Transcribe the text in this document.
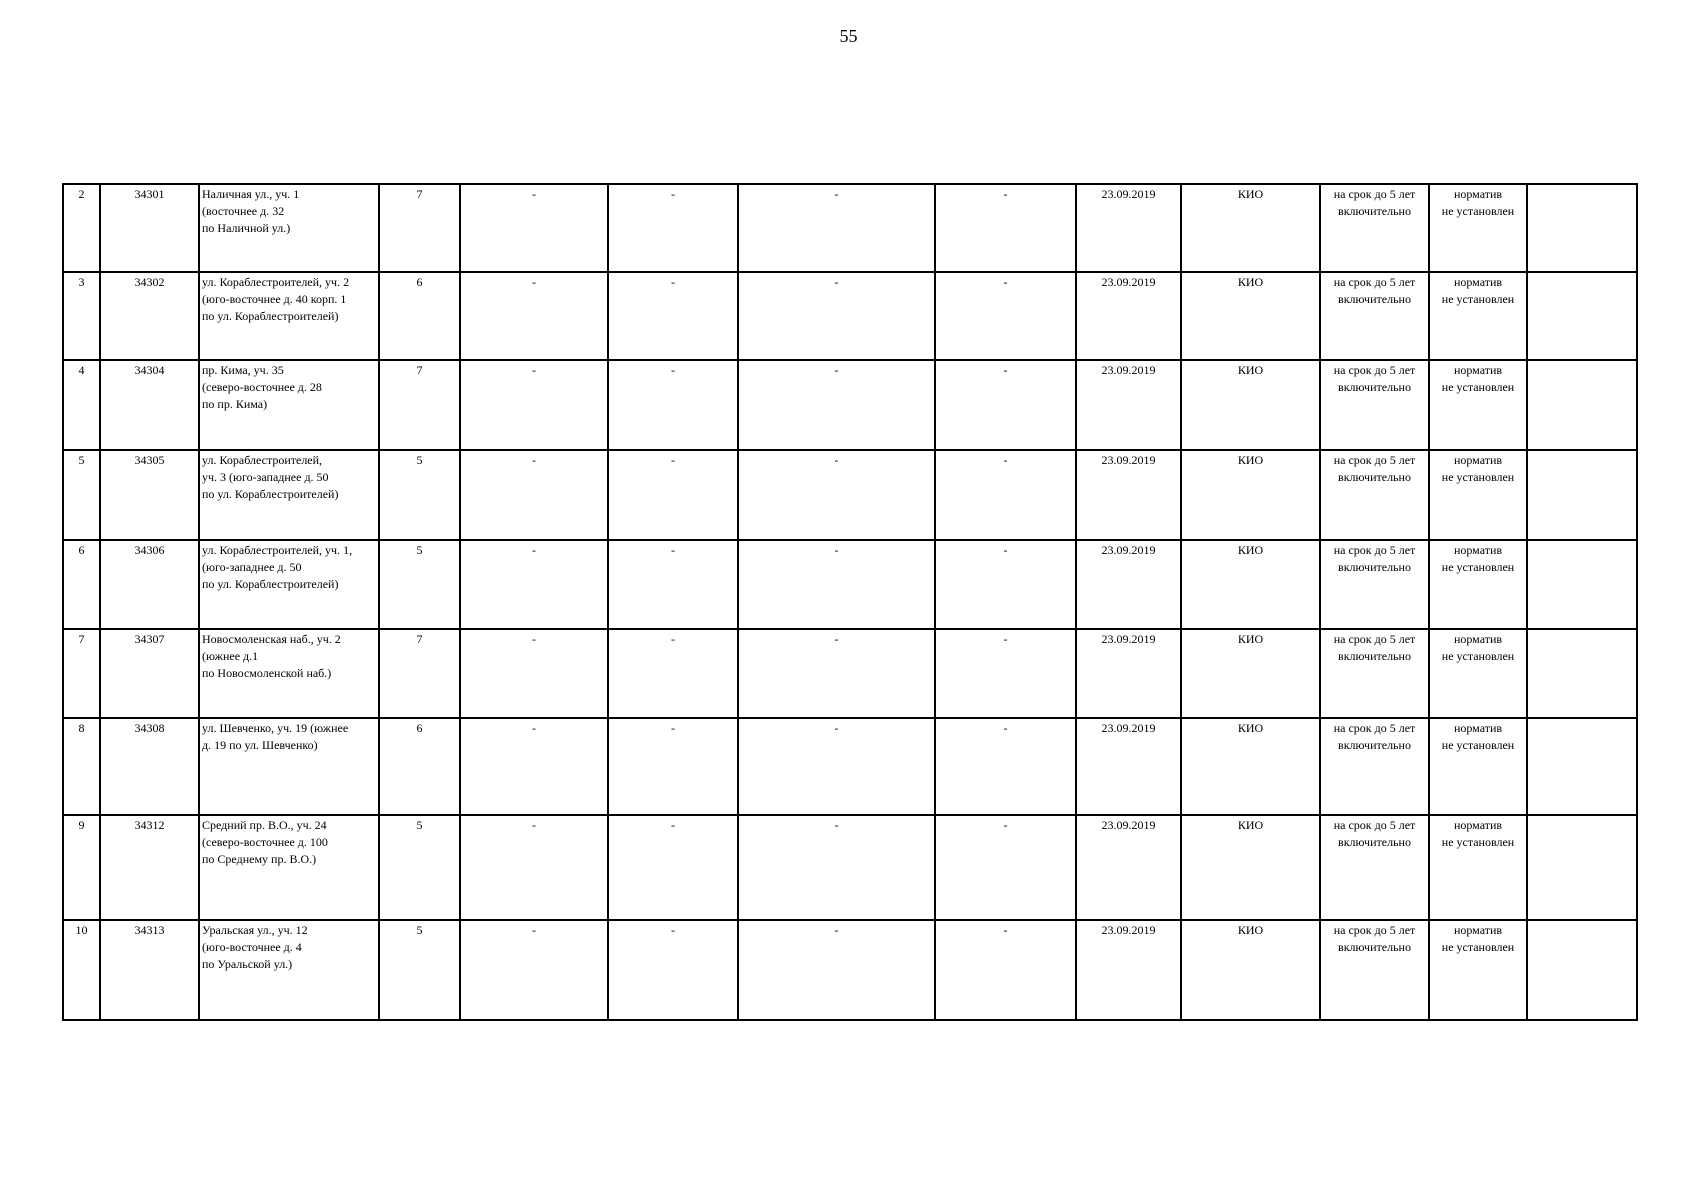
55
2	34301	Наличная ул., уч. 1
(восточнее д. 32
по Наличной ул.)	7	-	-	-	-	23.09.2019	КИО	на срок до 5 лет
включительно	норматив
не установлен	
3	34302	ул. Кораблестроителей, уч. 2
(юго-восточнее д. 40 корп. 1
по ул. Кораблестроителей)	6	-	-	-	-	23.09.2019	КИО	на срок до 5 лет
включительно	норматив
не установлен	
4	34304	пр. Кима, уч. 35
(северо-восточнее д. 28
по пр. Кима)	7	-	-	-	-	23.09.2019	КИО	на срок до 5 лет
включительно	норматив
не установлен	
5	34305	ул. Кораблестроителей,
уч. 3 (юго-западнее д. 50
по ул. Кораблестроителей)	5	-	-	-	-	23.09.2019	КИО	на срок до 5 лет
включительно	норматив
не установлен	
6	34306	ул. Кораблестроителей, уч. 1,
(юго-западнее д. 50
по ул. Кораблестроителей)	5	-	-	-	-	23.09.2019	КИО	на срок до 5 лет
включительно	норматив
не установлен	
7	34307	Новосмоленская наб., уч. 2
(южнее д.1
по Новосмоленской наб.)	7	-	-	-	-	23.09.2019	КИО	на срок до 5 лет
включительно	норматив
не установлен	
8	34308	ул. Шевченко, уч. 19 (южнее
д. 19 по ул. Шевченко)	6	-	-	-	-	23.09.2019	КИО	на срок до 5 лет
включительно	норматив
не установлен	
9	34312	Средний пр. В.О., уч. 24
(северо-восточнее д. 100
по Среднему пр. В.О.)	5	-	-	-	-	23.09.2019	КИО	на срок до 5 лет
включительно	норматив
не установлен	
10	34313	Уральская ул., уч. 12
(юго-восточнее д. 4
по Уральской ул.)	5	-	-	-	-	23.09.2019	КИО	на срок до 5 лет
включительно	норматив
не установлен	
